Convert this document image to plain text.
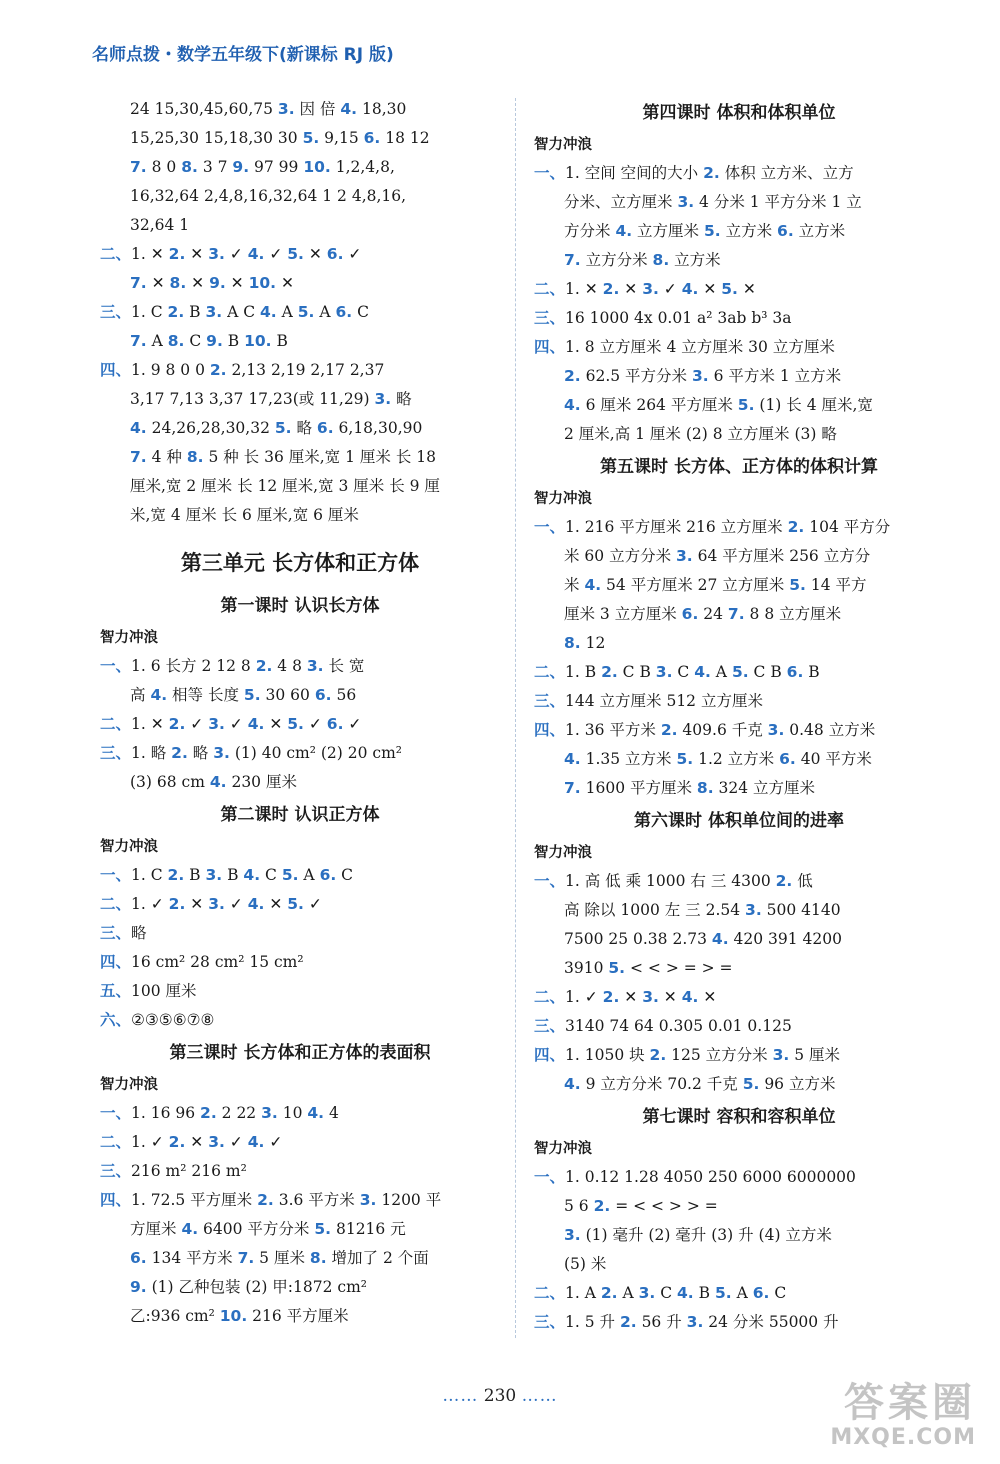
名师点拨・数学五年级下(新课标 RJ 版)
24 15,30,45,60,75 3. 因 倍 4. 18,30
15,25,30 15,18,30 30 5. 9,15 6. 18 12
7. 8 0 8. 3 7 9. 97 99 10. 1,2,4,8,
16,32,64 2,4,8,16,32,64 1 2 4,8,16,
32,64 1
二、1. ✕ 2. ✕ 3. ✓ 4. ✓ 5. ✕ 6. ✓
7. ✕ 8. ✕ 9. ✕ 10. ✕
三、1. C 2. B 3. A C 4. A 5. A 6. C
7. A 8. C 9. B 10. B
四、1. 9 8 0 0 2. 2,13 2,19 2,17 2,37
3,17 7,13 3,37 17,23(或 11,29) 3. 略
4. 24,26,28,30,32 5. 略 6. 6,18,30,90
7. 4 种 8. 5 种 长 36 厘米,宽 1 厘米 长 18
厘米,宽 2 厘米 长 12 厘米,宽 3 厘米 长 9 厘
米,宽 4 厘米 长 6 厘米,宽 6 厘米
第三单元 长方体和正方体
第一课时 认识长方体
智力冲浪
一、1. 6 长方 2 12 8 2. 4 8 3. 长 宽
高 4. 相等 长度 5. 30 60 6. 56
二、1. ✕ 2. ✓ 3. ✓ 4. ✕ 5. ✓ 6. ✓
三、1. 略 2. 略 3. (1) 40 cm² (2) 20 cm²
(3) 68 cm 4. 230 厘米
第二课时 认识正方体
智力冲浪
一、1. C 2. B 3. B 4. C 5. A 6. C
二、1. ✓ 2. ✕ 3. ✓ 4. ✕ 5. ✓
三、略
四、16 cm² 28 cm² 15 cm²
五、100 厘米
六、②③⑤⑥⑦⑧
第三课时 长方体和正方体的表面积
智力冲浪
一、1. 16 96 2. 2 22 3. 10 4. 4
二、1. ✓ 2. ✕ 3. ✓ 4. ✓
三、216 m² 216 m²
四、1. 72.5 平方厘米 2. 3.6 平方米 3. 1200 平
方厘米 4. 6400 平方分米 5. 81216 元
6. 134 平方米 7. 5 厘米 8. 增加了 2 个面
9. (1) 乙种包装 (2) 甲:1872 cm²
乙:936 cm² 10. 216 平方厘米
第四课时 体积和体积单位
智力冲浪
一、1. 空间 空间的大小 2. 体积 立方米、立方
分米、立方厘米 3. 4 分米 1 平方分米 1 立
方分米 4. 立方厘米 5. 立方米 6. 立方米
7. 立方分米 8. 立方米
二、1. ✕ 2. ✕ 3. ✓ 4. ✕ 5. ✕
三、16 1000 4x 0.01 a² 3ab b³ 3a
四、1. 8 立方厘米 4 立方厘米 30 立方厘米
2. 62.5 平方分米 3. 6 平方米 1 立方米
4. 6 厘米 264 平方厘米 5. (1) 长 4 厘米,宽
2 厘米,高 1 厘米 (2) 8 立方厘米 (3) 略
第五课时 长方体、正方体的体积计算
智力冲浪
一、1. 216 平方厘米 216 立方厘米 2. 104 平方分
米 60 立方分米 3. 64 平方厘米 256 立方分
米 4. 54 平方厘米 27 立方厘米 5. 14 平方
厘米 3 立方厘米 6. 24 7. 8 8 立方厘米
8. 12
二、1. B 2. C B 3. C 4. A 5. C B 6. B
三、144 立方厘米 512 立方厘米
四、1. 36 平方米 2. 409.6 千克 3. 0.48 立方米
4. 1.35 立方米 5. 1.2 立方米 6. 40 平方米
7. 1600 平方厘米 8. 324 立方厘米
第六课时 体积单位间的进率
智力冲浪
一、1. 高 低 乘 1000 右 三 4300 2. 低
高 除以 1000 左 三 2.54 3. 500 4140
7500 25 0.38 2.73 4. 420 391 4200
3910 5. < < > = > =
二、1. ✓ 2. ✕ 3. ✕ 4. ✕
三、3140 74 64 0.305 0.01 0.125
四、1. 1050 块 2. 125 立方分米 3. 5 厘米
4. 9 立方分米 70.2 千克 5. 96 立方米
第七课时 容积和容积单位
智力冲浪
一、1. 0.12 1.28 4050 250 6000 6000000
5 6 2. = < < > > =
3. (1) 毫升 (2) 毫升 (3) 升 (4) 立方米
(5) 米
二、1. A 2. A 3. C 4. B 5. A 6. C
三、1. 5 升 2. 56 升 3. 24 分米 55000 升
…… 230 ……	答案圈
MXQE.COM
